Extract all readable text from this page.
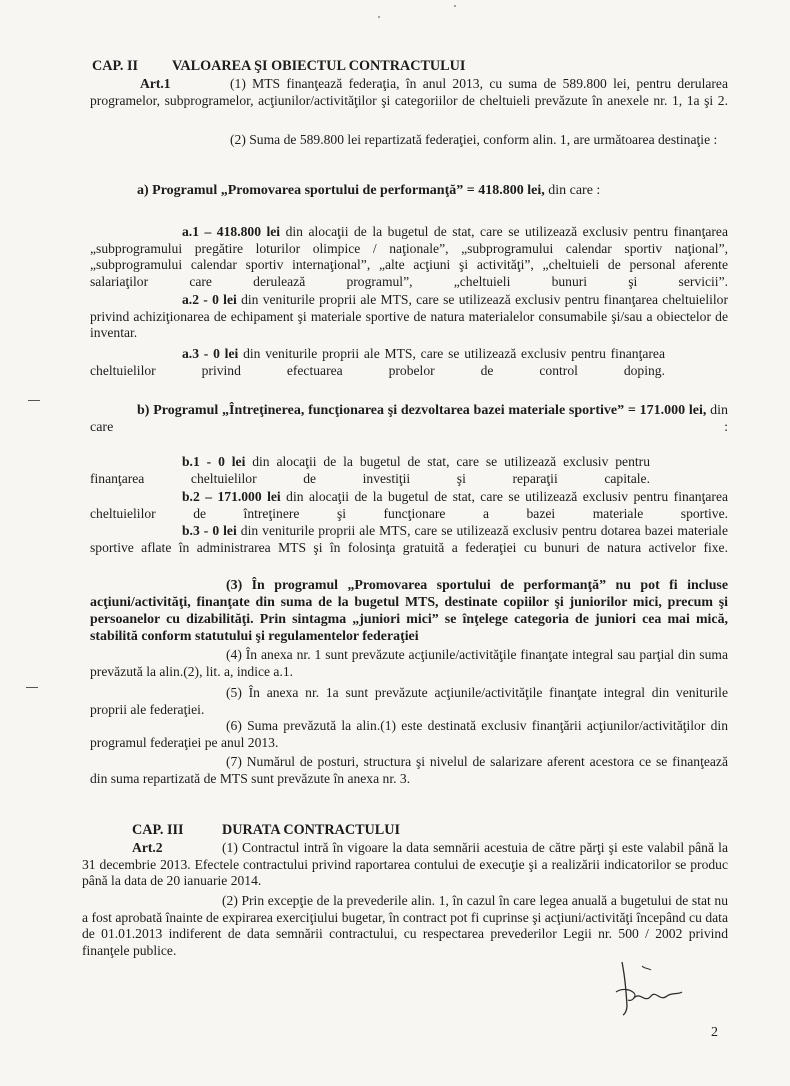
CAP. II VALOAREA ŞI OBIECTUL CONTRACTULUI
Art.1	(1) MTS finanţează federaţia, în anul 2013, cu suma de 589.800 lei, pentru derularea programelor, subprogramelor, acţiunilor/activităţilor şi categoriilor de cheltuieli prevăzute în anexele nr. 1, 1a şi 2.
(2) Suma de 589.800 lei repartizată federaţiei, conform alin. 1, are următoarea destinaţie :
a) Programul „Promovarea sportului de performanţă” = 418.800 lei, din care :
a.1 – 418.800 lei din alocaţii de la bugetul de stat, care se utilizează exclusiv pentru finanţarea „subprogramului pregătire loturilor olimpice / naţionale”, „subprogramului calendar sportiv naţional”, „subprogramului calendar sportiv internaţional”, „alte acţiuni şi activităţi”, „cheltuieli de personal aferente salariaţilor care derulează programul”, „cheltuieli bunuri şi servicii”.
a.2 - 0 lei din veniturile proprii ale MTS, care se utilizează exclusiv pentru finanţarea cheltuielilor privind achiziţionarea de echipament şi materiale sportive de natura materialelor consumabile şi/sau a obiectelor de inventar.
a.3 - 0 lei din veniturile proprii ale MTS, care se utilizează exclusiv pentru finanţarea cheltuielilor privind efectuarea probelor de control doping.
b) Programul „Întreţinerea, funcţionarea şi dezvoltarea bazei materiale sportive” = 171.000 lei, din care :
b.1 - 0 lei din alocaţii de la bugetul de stat, care se utilizează exclusiv pentru finanţarea cheltuielilor de investiţii şi reparaţii capitale.
b.2 – 171.000 lei din alocaţii de la bugetul de stat, care se utilizează exclusiv pentru finanţarea cheltuielilor de întreţinere şi funcţionare a bazei materiale sportive.
b.3 - 0 lei din veniturile proprii ale MTS, care se utilizează exclusiv pentru dotarea bazei materiale sportive aflate în administrarea MTS şi în folosinţa gratuită a federaţiei cu bunuri de natura activelor fixe.
(3) În programul „Promovarea sportului de performanţă” nu pot fi incluse acţiuni/activităţi, finanţate din suma de la bugetul MTS, destinate copiilor şi juniorilor mici, precum şi persoanelor cu dizabilităţi. Prin sintagma „juniori mici” se înţelege categoria de juniori cea mai mică, stabilită conform statutului şi regulamentelor federaţiei
(4) În anexa nr. 1 sunt prevăzute acţiunile/activităţile finanţate integral sau parţial din suma prevăzută la alin.(2), lit. a, indice a.1.
(5) În anexa nr. 1a sunt prevăzute acţiunile/activităţile finanţate integral din veniturile proprii ale federaţiei.
(6) Suma prevăzută la alin.(1) este destinată exclusiv finanţării acţiunilor/activităţilor din programul federaţiei pe anul 2013.
(7) Numărul de posturi, structura şi nivelul de salarizare aferent acestora ce se finanţează din suma repartizată de MTS sunt prevăzute în anexa nr. 3.
CAP. III	DURATA CONTRACTULUI
Art.2	(1) Contractul intră în vigoare la data semnării acestuia de către părţi şi este valabil până la 31 decembrie 2013. Efectele contractului privind raportarea contului de execuţie şi a realizării indicatorilor se produc până la data de 20 ianuarie 2014.
(2) Prin excepţie de la prevederile alin. 1, în cazul în care legea anuală a bugetului de stat nu a fost aprobată înainte de expirarea exerciţiului bugetar, în contract pot fi cuprinse şi acţiuni/activităţi începând cu data de 01.01.2013 indiferent de data semnării contractului, cu respectarea prevederilor Legii nr. 500 / 2002 privind finanţele publice.
2
